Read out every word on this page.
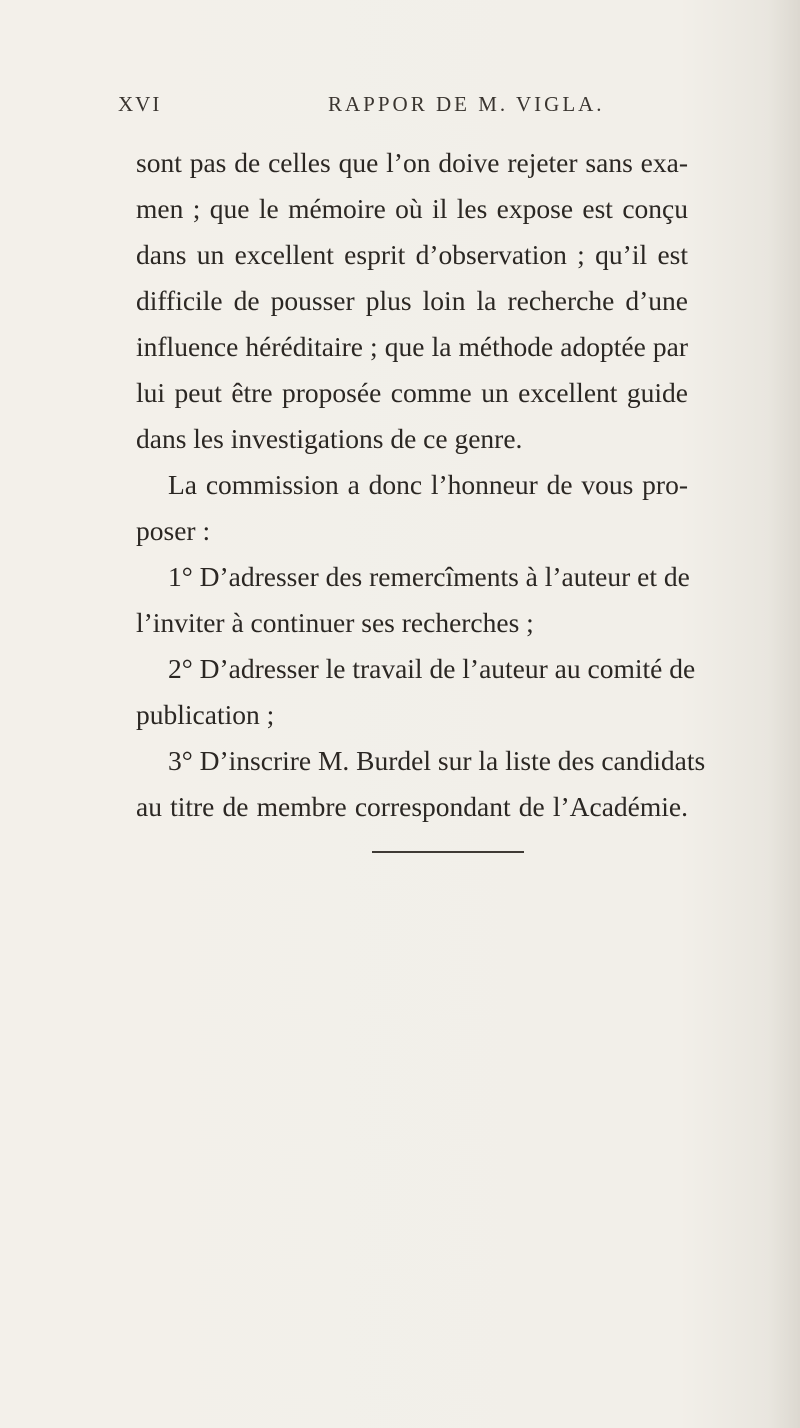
XVI	RAPPOR DE M. VIGLA.
sont pas de celles que l’on doive rejeter sans exa-
men ; que le mémoire où il les expose est conçu
dans un excellent esprit d’observation ; qu’il est
difficile de pousser plus loin la recherche d’une
influence héréditaire ; que la méthode adoptée par
lui peut être proposée comme un excellent guide
dans les investigations de ce genre.
La commission a donc l’honneur de vous pro-
poser :
1° D’adresser des remercîments à l’auteur et de
l’inviter à continuer ses recherches ;
2° D’adresser le travail de l’auteur au comité de
publication ;
3° D’inscrire M. Burdel sur la liste des candidats
au titre de membre correspondant de l’Académie.
